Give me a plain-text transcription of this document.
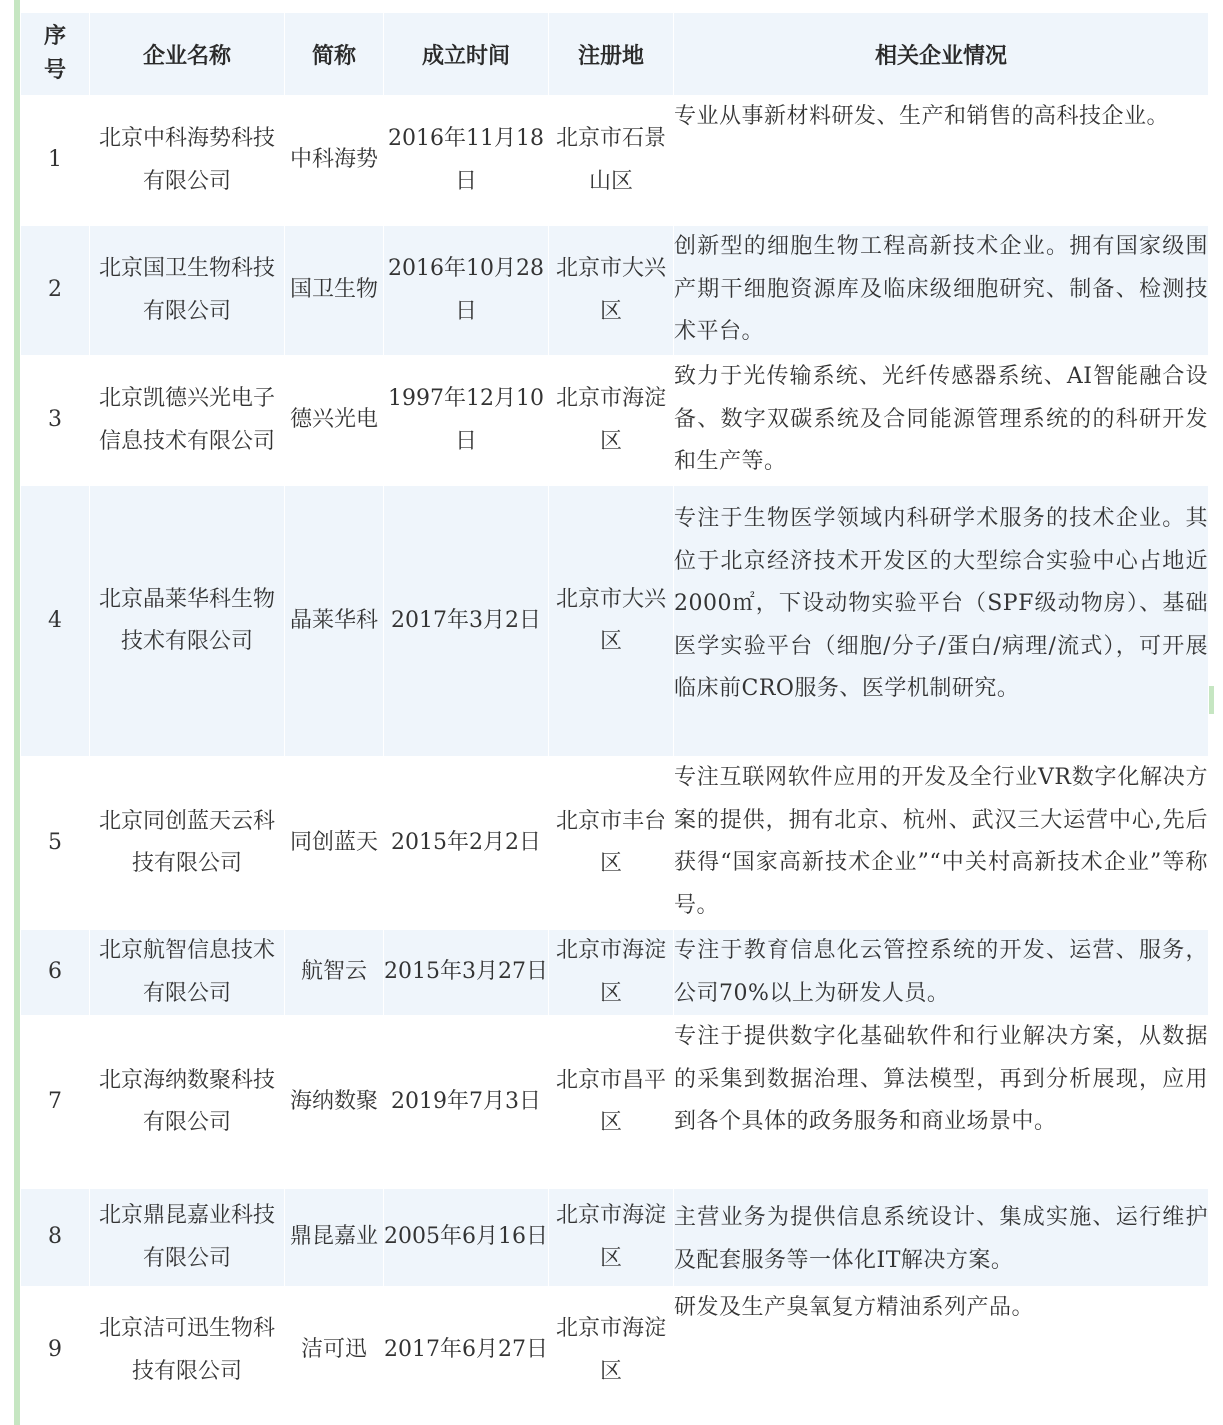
序号	企业名称	简称	成立时间	注册地	相关企业情况
1	北京中科海势科技有限公司	中科海势	2016年11月18日	北京市石景山区	专业从事新材料研发、生产和销售的高科技企业。
2	北京国卫生物科技有限公司	国卫生物	2016年10月28日	北京市大兴区	创新型的细胞生物工程高新技术企业。拥有国家级围产期干细胞资源库及临床级细胞研究、制备、检测技术平台。
3	北京凯德兴光电子信息技术有限公司	德兴光电	1997年12月10日	北京市海淀区	致力于光传输系统、光纤传感器系统、AI智能融合设备、数字双碳系统及合同能源管理系统的的科研开发和生产等。
4	北京晶莱华科生物技术有限公司	晶莱华科	2017年3月2日	北京市大兴区	专注于生物医学领域内科研学术服务的技术企业。其位于北京经济技术开发区的大型综合实验中心占地近2000㎡，下设动物实验平台（SPF级动物房）、基础医学实验平台（细胞/分子/蛋白/病理/流式），可开展临床前CRO服务、医学机制研究。
5	北京同创蓝天云科技有限公司	同创蓝天	2015年2月2日	北京市丰台区	专注互联网软件应用的开发及全行业VR数字化解决方案的提供，拥有北京、杭州、武汉三大运营中心,先后获得“国家高新技术企业”“中关村高新技术企业”等称号。
6	北京航智信息技术有限公司	航智云	2015年3月27日	北京市海淀区	专注于教育信息化云管控系统的开发、运营、服务，公司70%以上为研发人员。
7	北京海纳数聚科技有限公司	海纳数聚	2019年7月3日	北京市昌平区	专注于提供数字化基础软件和行业解决方案，从数据的采集到数据治理、算法模型，再到分析展现，应用到各个具体的政务服务和商业场景中。
8	北京鼎昆嘉业科技有限公司	鼎昆嘉业	2005年6月16日	北京市海淀区	主营业务为提供信息系统设计、集成实施、运行维护及配套服务等一体化IT解决方案。
9	北京洁可迅生物科技有限公司	洁可迅	2017年6月27日	北京市海淀区	研发及生产臭氧复方精油系列产品。
